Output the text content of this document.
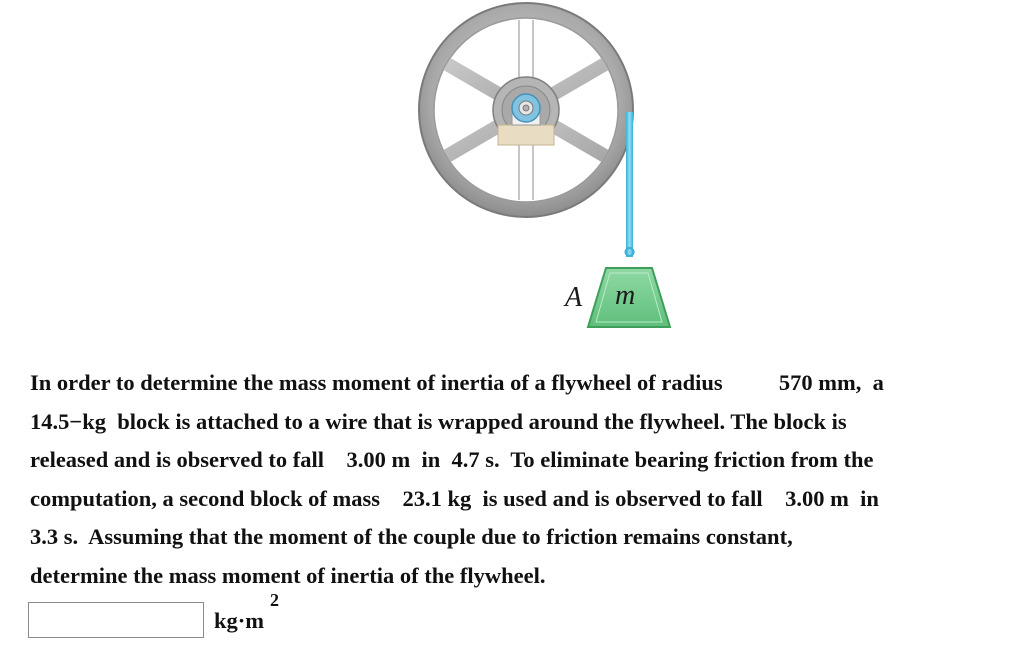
A m
In order to determine the mass moment of inertia of a flywheel of radius          570 mm,  a
14.5−kg  block is attached to a wire that is wrapped around the flywheel. The block is
released and is observed to fall    3.00 m  in  4.7 s.  To eliminate bearing friction from the
computation, a second block of mass    23.1 kg  is used and is observed to fall    3.00 m  in
3.3 s.  Assuming that the moment of the couple due to friction remains constant,
determine the mass moment of inertia of the flywheel.
kg·m
2
